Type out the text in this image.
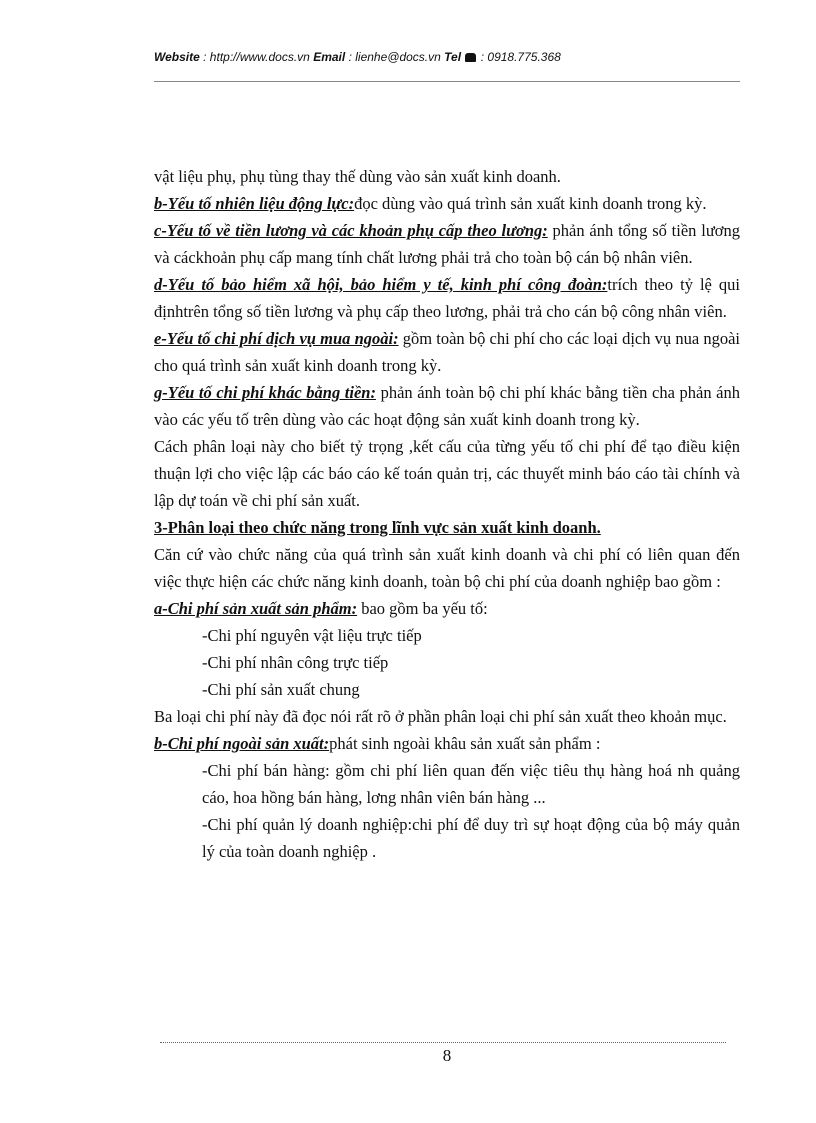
Website : http://www.docs.vn Email : lienhe@docs.vn Tel : 0918.775.368

vật liệu phụ, phụ tùng thay thế dùng vào sản xuất kinh doanh.

b-Yếu tố nhiên liệu động lực:đọc dùng vào quá trình sản xuất kinh doanh trong kỳ.

c-Yếu tố về tiền lương và các khoản phụ cấp theo lương: phản ánh tổng số tiền lương và cáckhoản phụ cấp mang tính chất lương phải trả cho toàn bộ cán bộ nhân viên.

d-Yếu tố bảo hiểm xã hội, bảo hiểm y tế, kinh phí công đoàn:trích theo tỷ lệ qui địnhtrên tổng số tiền lương và phụ cấp theo lương, phải trả cho cán bộ công nhân viên.

e-Yếu tố chi phí dịch vụ mua ngoài: gồm toàn bộ chi phí cho các loại dịch vụ nua ngoài cho quá trình sản xuất kinh doanh trong kỳ.

g-Yếu tố chi phí khác bằng tiền: phản ánh toàn bộ chi phí khác bằng tiền cha phản ánh vào các yếu tố trên dùng vào các hoạt động sản xuất kinh doanh trong kỳ.

Cách phân loại này cho biết tỷ trọng ,kết cấu của từng yếu tố chi phí để tạo điều kiện thuận lợi cho việc lập các báo cáo kế toán quản trị, các thuyết minh báo cáo tài chính và lập dự toán về chi phí sản xuất.

3-Phân loại theo chức năng trong lĩnh vực sản xuất kinh doanh.

Căn cứ vào chức năng của quá trình sản xuất kinh doanh và chi phí có liên quan đến việc thực hiện các chức năng kinh doanh, toàn bộ chi phí của doanh nghiệp bao gồm :

a-Chi phí sản xuất sản phẩm: bao gồm ba yếu tố:

-Chi phí nguyên vật liệu trực tiếp

-Chi phí nhân công trực tiếp

-Chi phí sản xuất chung

Ba loại chi phí này đã đọc nói rất rõ ở phần phân loại chi phí sản xuất theo khoản mục.

b-Chi phí ngoài sản xuất:phát sinh ngoài khâu sản xuất sản phẩm :

-Chi phí bán hàng: gồm chi phí liên quan đến việc tiêu thụ hàng hoá nh quảng cáo, hoa hồng bán hàng, lơng nhân viên bán hàng ...

-Chi phí quản lý doanh nghiệp:chi phí để duy trì sự hoạt động của bộ máy quản lý của toàn doanh nghiệp .

8
